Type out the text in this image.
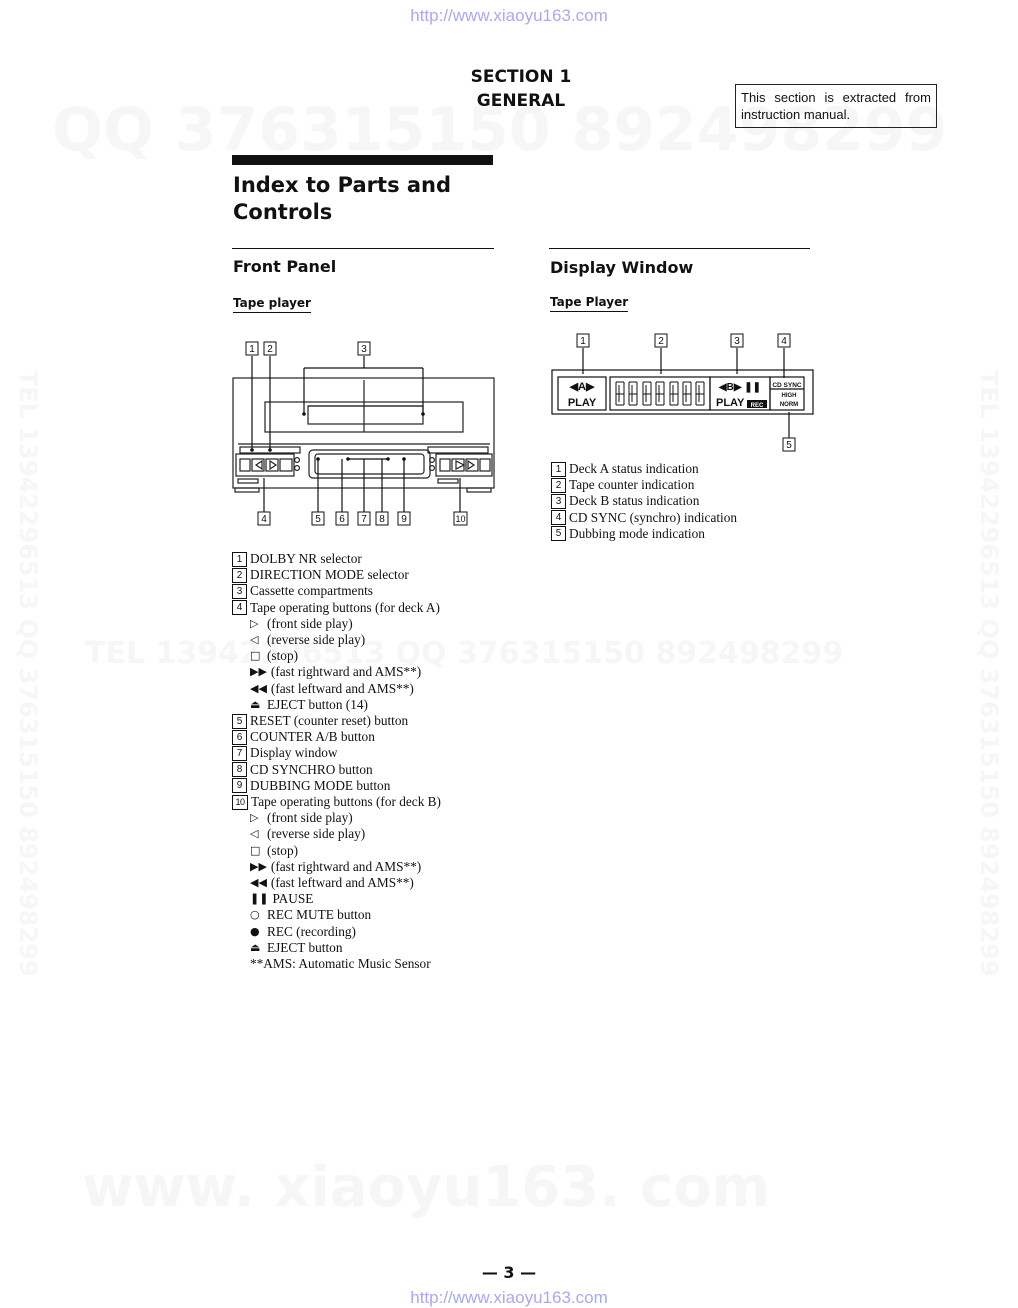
http://www.xiaoyu163.com
http://www.xiaoyu163.com
SECTION 1
GENERAL	This section is extracted from instruction manual.
Index to Parts and
Controls
Front Panel
Tape player
Display Window
Tape Player
1 2	3
4	5 6 7 8 9	10
◀A▶
PLAY
◀B▶ ❚❚
PLAY REC
CD SYNC
HIGH
NORM
1	2	3	4
5
1 Deck A status indication
2 Tape counter indication
3 Deck B status indication
4 CD SYNC (synchro) indication
5 Dubbing mode indication
1 DOLBY NR selector
2 DIRECTION MODE selector
3 Cassette compartments
4 Tape operating buttons (for deck A)
▷ (front side play)
◁ (reverse side play)
□ (stop)
▶▶ (fast rightward and AMS**)
◀◀ (fast leftward and AMS**)
⏏ EJECT button (14)
5 RESET (counter reset) button
6 COUNTER A/B button
7 Display window
8 CD SYNCHRO button
9 DUBBING MODE button
10 Tape operating buttons (for deck B)
▷ (front side play)
◁ (reverse side play)
□ (stop)
▶▶ (fast rightward and AMS**)
◀◀ (fast leftward and AMS**)
❚❚ PAUSE
○ REC MUTE button
● REC (recording)
⏏ EJECT button
**AMS: Automatic Music Sensor
— 3 —
